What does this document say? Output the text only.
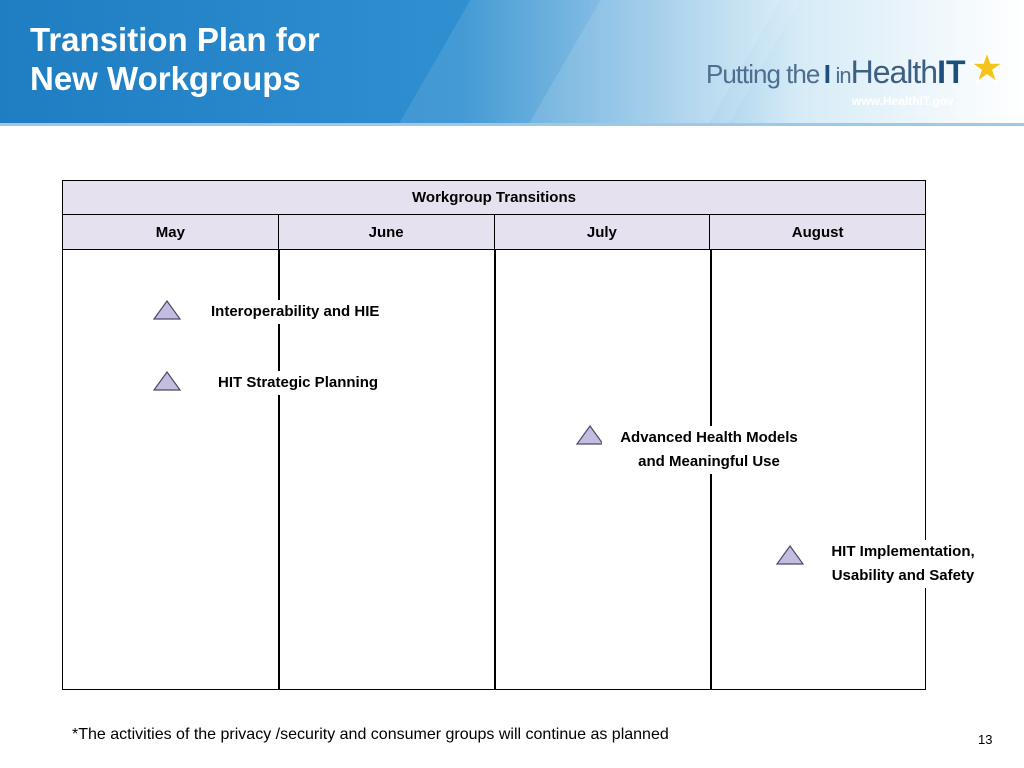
Transition Plan for
New Workgroups	Putting the I inHealthIT
www.HealthIT.gov
Workgroup Transitions
May	June	July	August
Interoperability and HIE
HIT Strategic Planning
Advanced Health Models
and Meaningful Use
HIT Implementation,
Usability and Safety
*The activities of the privacy /security and consumer groups will continue as planned	13
